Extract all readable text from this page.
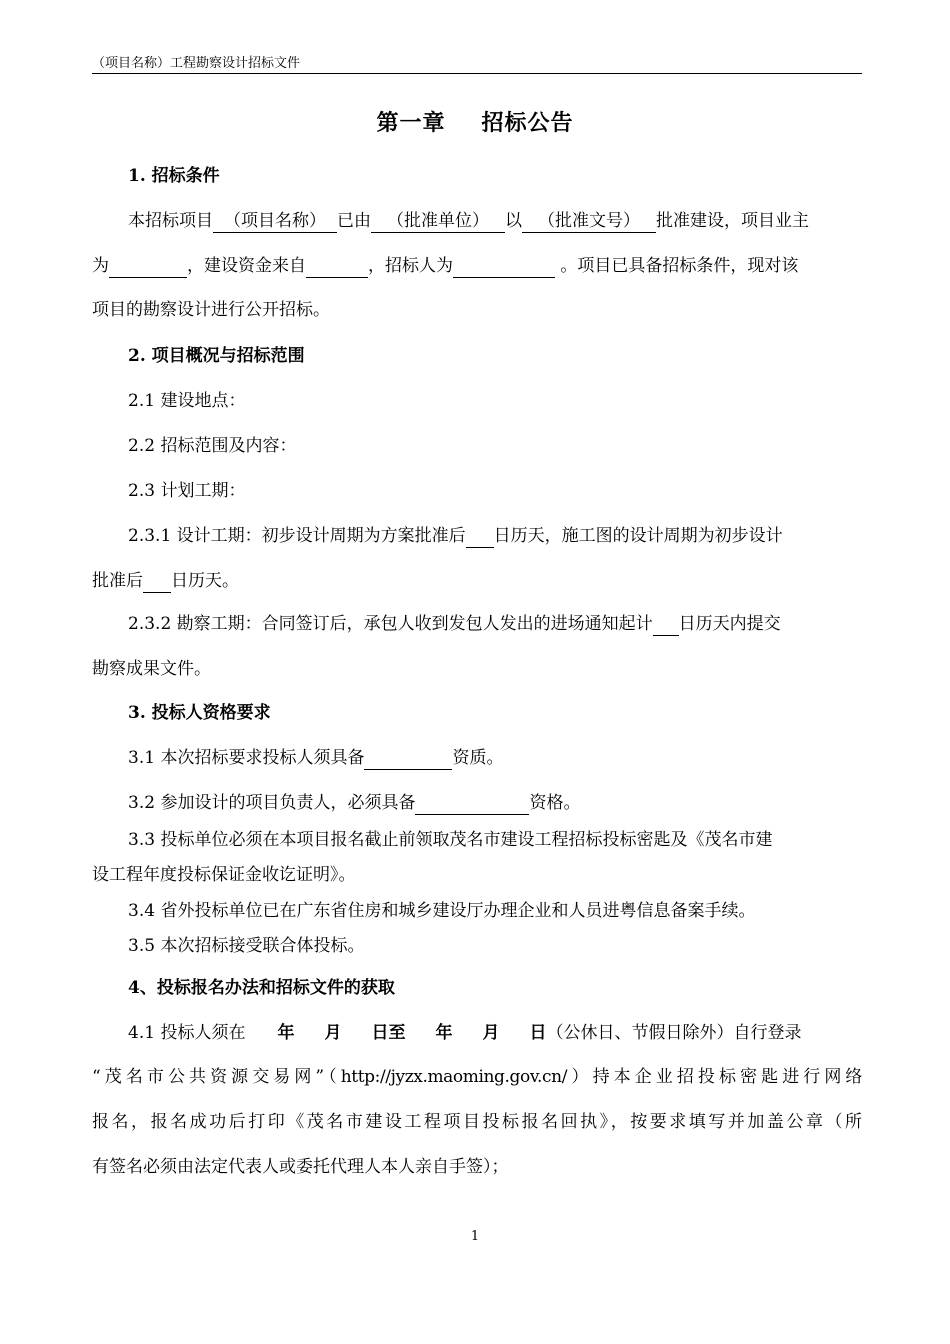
（项目名称）工程勘察设计招标文件
第一章 招标公告
1. 招标条件
本招标项目 （项目名称） 已由 （批准单位） 以 （批准文号） 批准建设，项目业主
为	，建设资金来自	，招标人为	。项目已具备招标条件，现对该
项目的勘察设计进行公开招标。
2. 项目概况与招标范围
2.1 建设地点：
2.2 招标范围及内容：
2.3 计划工期：
2.3.1 设计工期：初步设计周期为方案批准后 日历天，施工图的设计周期为初步设计
批准后 日历天。
2.3.2 勘察工期：合同签订后，承包人收到发包人发出的进场通知起计 日历天内提交
勘察成果文件。
3. 投标人资格要求
3.1 本次招标要求投标人须具备	资质。
3.2 参加设计的项目负责人，必须具备	资格。
3.3 投标单位必须在本项目报名截止前领取茂名市建设工程招标投标密匙及《茂名市建
设工程年度投标保证金收讫证明》。
3.4 省外投标单位已在广东省住房和城乡建设厅办理企业和人员进粤信息备案手续。
3.5 本次招标接受联合体投标。
4、投标报名办法和招标文件的获取
4.1 投标人须在 年 月 日至 年 月 日（公休日、节假日除外）自行登录
“茂名市公共资源交易网”（http://jyzx.maoming.gov.cn/）持本企业招投标密匙进行网络
报名，报名成功后打印《茂名市建设工程项目投标报名回执》，按要求填写并加盖公章（所
有签名必须由法定代表人或委托代理人本人亲自手签）；
1
